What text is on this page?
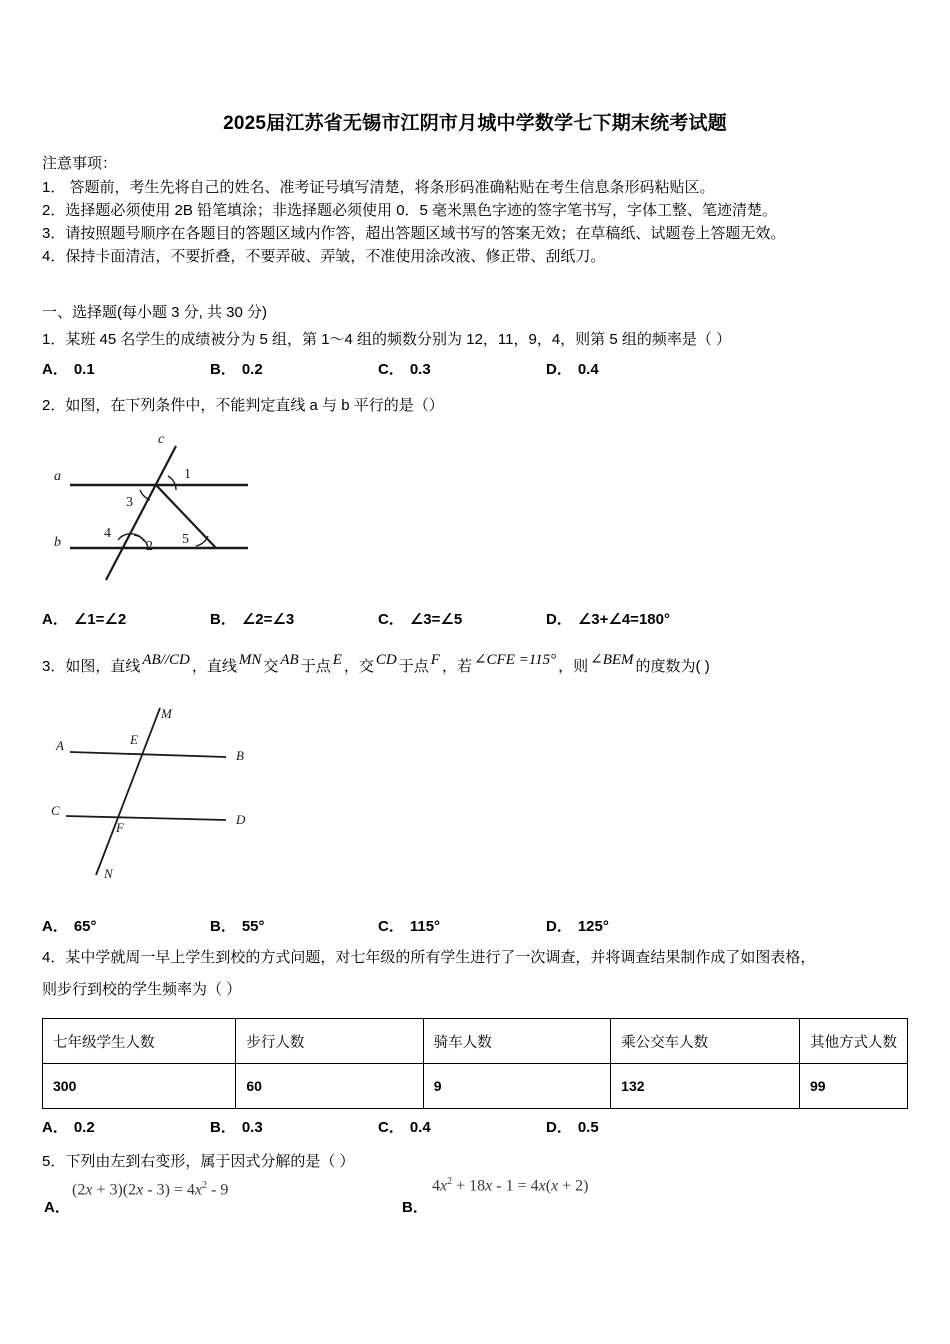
2025届江苏省无锡市江阴市月城中学数学七下期末统考试题
注意事项：
1． 答题前，考生先将自己的姓名、准考证号填写清楚，将条形码准确粘贴在考生信息条形码粘贴区。
2．选择题必须使用 2B 铅笔填涂；非选择题必须使用 0．5 毫米黑色字迹的签字笔书写，字体工整、笔迹清楚。
3．请按照题号顺序在各题目的答题区域内作答，超出答题区域书写的答案无效；在草稿纸、试题卷上答题无效。
4．保持卡面清洁，不要折叠，不要弄破、弄皱，不准使用涂改液、修正带、刮纸刀。
一、选择题(每小题 3 分, 共 30 分)
1．某班 45 名学生的成绩被分为 5 组，第 1～4 组的频数分别为 12，11，9，4，则第 5 组的频率是（ ）
A． 0.1	B． 0.2	C． 0.3	D． 0.4
2．如图，在下列条件中，不能判定直线 a 与 b 平行的是（）
c
a
b
1
2
3
4	5
A． ∠1=∠2	B． ∠2=∠3	C． ∠3=∠5	D． ∠3+∠4=180°
3．如图，直线 AB//CD ，直线 MN 交 AB 于点 E ，交 CD 于点 F ，若 ∠CFE =115° ，则 ∠BEM 的度数为( )
A
B
C
D
E
F
M
N
A． 65°	B． 55°	C． 115°	D． 125°
4．某中学就周一早上学生到校的方式问题，对七年级的所有学生进行了一次调查，并将调查结果制作成了如图表格，
则步行到校的学生频率为（ ）
七年级学生人数	步行人数	骑车人数	乘公交车人数	其他方式人数
300	60	9	132	99
A． 0.2	B． 0.3	C． 0.4	D． 0.5
5．下列由左到右变形，属于因式分解的是（ ）
A．
$(2x + 3)(2x - 3) = 4x^2 - 9$
B．
$4x^2 + 18x - 1 = 4x(x + 2)$
